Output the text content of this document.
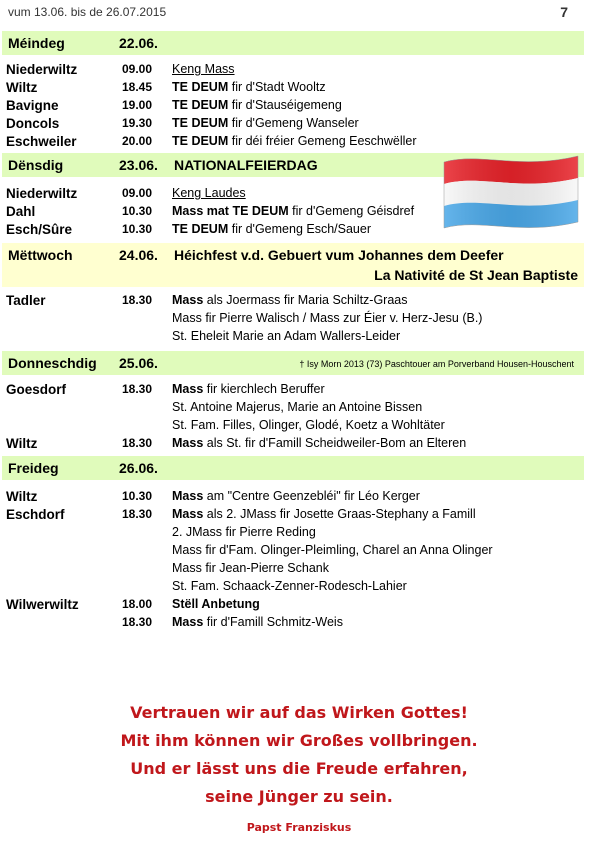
vum 13.06. bis de 26.07.2015	7
Méindeg	22.06.
Niederwiltz	09.00 Keng Mass
Wiltz	18.45 TE DEUM fir d'Stadt Wooltz
Bavigne	19.00 TE DEUM fir d'Stauséigemeng
Doncols	19.30 TE DEUM fir d'Gemeng Wanseler
Eschweiler	20.00 TE DEUM fir déi fréier Gemeng Eeschwëller
Dënsdig	23.06. NATIONALFEIERDAG
Niederwiltz	09.00 Keng Laudes
Dahl	10.30 Mass mat TE DEUM fir d'Gemeng Géisdref
Esch/Sûre	10.30 TE DEUM fir d'Gemeng Esch/Sauer
Mëttwoch	24.06. Héichfest v.d. Gebuert vum Johannes dem Deefer
La Nativité de St Jean Baptiste
Tadler	18.30 Mass als Joermass fir Maria Schiltz-Graas
Mass fir Pierre Walisch / Mass zur Éier v. Herz-Jesu (B.)
St. Eheleit Marie an Adam Wallers-Leider
Donneschdig 25.06.	† Isy Morn 2013 (73) Paschtouer am Porverband Housen-Houschent
Goesdorf	18.30 Mass fir kierchlech Beruffer
St. Antoine Majerus, Marie an Antoine Bissen
St. Fam. Filles, Olinger, Glodé, Koetz a Wohltäter
Wiltz	18.30 Mass als St. fir d'Famill Scheidweiler-Bom an Elteren
Freideg	26.06.
Wiltz	10.30 Mass am "Centre Geenzebléi" fir Léo Kerger
Eschdorf	18.30 Mass als 2. JMass fir Josette Graas-Stephany a Famill
2. JMass fir Pierre Reding
Mass fir d'Fam. Olinger-Pleimling, Charel an Anna Olinger
Mass fir Jean-Pierre Schank
St. Fam. Schaack-Zenner-Rodesch-Lahier
Wilwerwiltz	18.00 Stëll Anbetung
18.30 Mass fir d'Famill Schmitz-Weis
Vertrauen wir auf das Wirken Gottes!
Mit ihm können wir Großes vollbringen.
Und er lässt uns die Freude erfahren,
seine Jünger zu sein.
Papst Franziskus
